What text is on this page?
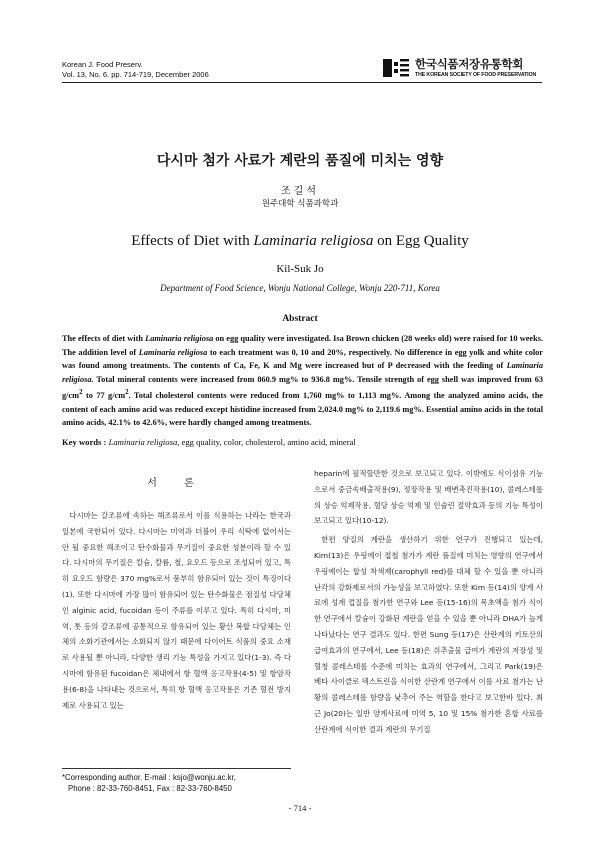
Korean J. Food Preserv.
Vol. 13, No. 6. pp. 714-719, December 2006
한국식품저장유통학회
THE KOREAN SOCIETY OF FOOD PRESERVATION
다시마 첨가 사료가 계란의 품질에 미치는 영향
조길석
원주대학 식품과학과
Effects of Diet with Laminaria religiosa on Egg Quality
Kil-Suk Jo
Department of Food Science, Wonju National College, Wonju 220-711, Korea
Abstract
The effects of diet with Laminaria religiosa on egg quality were investigated. Isa Brown chicken (28 weeks old) were raised for 10 weeks. The addition level of Laminaria religiosa to each treatment was 0, 10 and 20%, respectively. No difference in egg yolk and white color was found among treatments. The contents of Ca, Fe, K and Mg were increased but of P decreased with the feeding of Laminaria religiosa. Total mineral contents were increased from 860.9 mg% to 936.8 mg%. Tensile strength of egg shell was improved from 63 $g/cm^2$ to 77 $g/cm^2$. Total cholesterol contents were reduced from 1,760 mg% to 1,113 mg%. Among the analyzed amino acids, the content of each amino acid was reduced except histidine increased from 2,024.0 mg% to 2,119.6 mg%. Essential amino acids in the total amino acids, 42.1% to 42.6%, were hardly changed among treatments.
Key words : Laminaria religiosa, egg quality, color, cholesterol, amino acid, mineral
서 론

다시마는 갈조류에 속하는 해조류로서 이를 식용하는 나라는 한국과 일본에 국한되어 있다. 다시마는 미역과 더불어 우리 식탁에 없어서는 안 될 중요한 해조이고 탄수화물과 무기질이 중요한 성분이라 할 수 있다. 다시마의 무기질은 칼슘, 칼륨, 철, 요오드 등으로 조성되어 있고, 특히 요오드 함량은 370 mg%로서 풍부히 함유되어 있는 것이 특징이다(1). 또한 다시마에 가장 많이 함유되어 있는 탄수화물은 점질성 다당체인 alginic acid, fucoidan 등이 주류를 이루고 있다. 특히 다시마, 미역, 톳 등의 갈조류에 공통적으로 함유되어 있는 황산 복합 다당체는 인체의 소화기관에서는 소화되지 않기 때문에 다이어트 식품의 중요 소재로 사용될 뿐 아니라, 다양한 생리 기능 특성을 가지고 있다(1-3). 즉 다시마에 함유된 fucoidan은 체내에서 항 혈액 응고작용(4-5) 및 항암작용(6-8)을 나타내는 것으로서, 특히 항 혈액 응고작용은 기존 혈전 방지제로 사용되고 있는

heparin에 필적할만한 것으로 보고되고 있다. 이밖에도 식이섬유 기능으로서 중금속배출작용(9), 정장작용 및 배변촉진작용(10), 콜레스테롤의 상승 억제작용, 혈당 상승 억제 및 인슐린 절약효과 등의 기능 특성이 보고되고 있다(10-12).

한편 양질의 계란을 생산하기 위한 연구가 진행되고 있는데, Kim(13)은 우링에이 접철 첨가가 계란 품질에 미치는 영향의 연구에서 우링예이는 합성 착색제(carophyll red)를 대체 할 수 있을 뿐 아니라 난각의 강화제로서의 가능성을 보고하였다. 또한 Kim 등(14)의 양계 사료에 성계 껍질을 첨가한 연구와 Lee 등(15-16)의 목초액을 첨가 식이한 연구에서 칼슘이 강화된 계란을 얻을 수 있을 뿐 아니라 DHA가 높게 나타났다는 연구 결과도 있다. 한편 Sung 등(17)은 산란계의 키토산의 급여효과의 연구에서, Lee 등(18)은 쉬추출물 급여가 계란의 저장성 및 혈청 콜레스테롤 수준에 미치는 효과의 연구에서, 그리고 Park(19)은 베타 사이클로 덱스트린을 식이한 산란계 연구에서 이를 사료 첨가는 난황의 콜레스테롤 함량을 낮추어 주는 역할을 한다고 보고한바 있다. 최근 Jo(20)는 일반 양계사료에 미역 5, 10 및 15% 첨가한 혼합 사료를 산란계에 식이한 결과 계란의 무기질

*Corresponding author. E-mail : ksjo@wonju.ac.kr,
Phone : 82-33-760-8451, Fax : 82-33-760-8450
- 714 -
